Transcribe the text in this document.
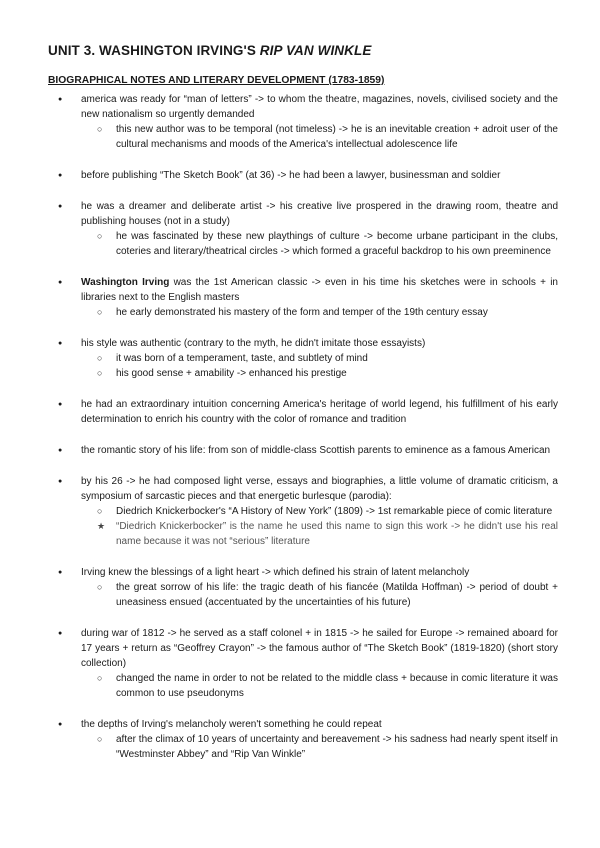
UNIT 3. WASHINGTON IRVING'S RIP VAN WINKLE
BIOGRAPHICAL NOTES AND LITERARY DEVELOPMENT (1783-1859)
● america was ready for “man of letters” -> to whom the theatre, magazines, novels, civilised society and the new nationalism so urgently demanded
○ this new author was to be temporal (not timeless) -> he is an inevitable creation + adroit user of the cultural mechanisms and moods of the America's intellectual adolescence life
● before publishing “The Sketch Book” (at 36) -> he had been a lawyer, businessman and soldier
● he was a dreamer and deliberate artist -> his creative live prospered in the drawing room, theatre and publishing houses (not in a study)
○ he was fascinated by these new playthings of culture -> become urbane participant in the clubs, coteries and literary/theatrical circles -> which formed a graceful backdrop to his own preeminence
● Washington Irving was the 1st American classic -> even in his time his sketches were in schools + in libraries next to the English masters
○ he early demonstrated his mastery of the form and temper of the 19th century essay
● his style was authentic (contrary to the myth, he didn't imitate those essayists)
○ it was born of a temperament, taste, and subtlety of mind
○ his good sense + amability -> enhanced his prestige
● he had an extraordinary intuition concerning America's heritage of world legend, his fulfillment of his early determination to enrich his country with the color of romance and tradition
● the romantic story of his life: from son of middle-class Scottish parents to eminence as a famous American
● by his 26 -> he had composed light verse, essays and biographies, a little volume of dramatic criticism, a symposium of sarcastic pieces and that energetic burlesque (parodia):
○ Diedrich Knickerbocker's “A History of New York” (1809) -> 1st remarkable piece of comic literature
★ “Diedrich Knickerbocker” is the name he used this name to sign this work -> he didn't use his real name because it was not “serious” literature
● Irving knew the blessings of a light heart -> which defined his strain of latent melancholy
○ the great sorrow of his life: the tragic death of his fiancée (Matilda Hoffman) -> period of doubt + uneasiness ensued (accentuated by the uncertainties of his future)
● during war of 1812 -> he served as a staff colonel + in 1815 -> he sailed for Europe -> remained aboard for 17 years + return as “Geoffrey Crayon” -> the famous author of “The Sketch Book” (1819-1820) (short story collection)
○ changed the name in order to not be related to the middle class + because in comic literature it was common to use pseudonyms
● the depths of Irving's melancholy weren't something he could repeat
○ after the climax of 10 years of uncertainty and bereavement -> his sadness had nearly spent itself in “Westminster Abbey” and “Rip Van Winkle”
